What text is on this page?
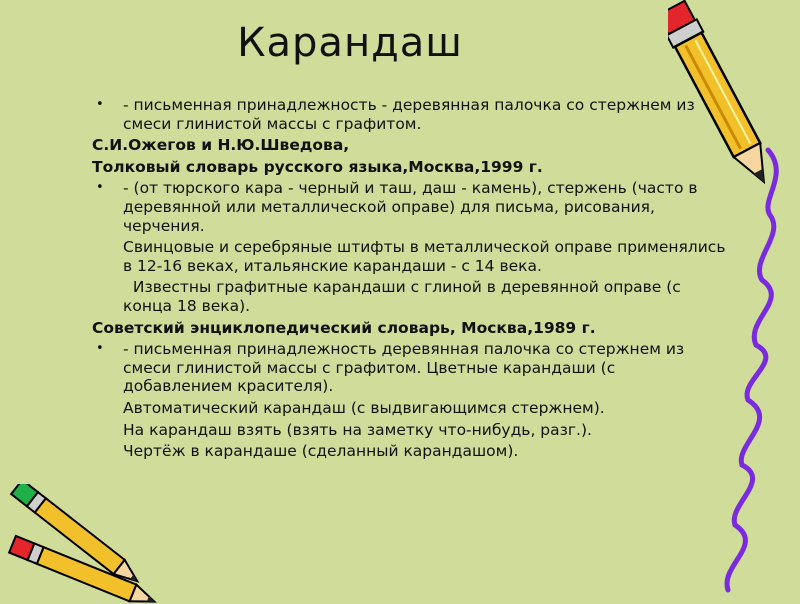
Карандаш
• - письменная принадлежность - деревянная палочка со стержнем из смеси глинистой массы с графитом.
С.И.Ожегов и Н.Ю.Шведова,
Толковый словарь русского языка,Москва,1999 г.
• - (от тюрского кара - черный и таш, даш - камень), стержень (часто в деревянной или металлической оправе) для письма, рисования, черчения.
Свинцовые и серебряные штифты в металлической оправе применялись в 12-16 веках, итальянские карандаши - с 14 века.
Известны графитные карандаши с глиной в деревянной оправе (с конца 18 века).
Советский энциклопедический словарь, Москва,1989 г.
• - письменная принадлежность деревянная палочка со стержнем из смеси глинистой массы с графитом. Цветные карандаши (с добавлением красителя).
Автоматический карандаш (с выдвигающимся стержнем).
На карандаш взять (взять на заметку что-нибудь, разг.).
Чертёж в карандаше (сделанный карандашом).
